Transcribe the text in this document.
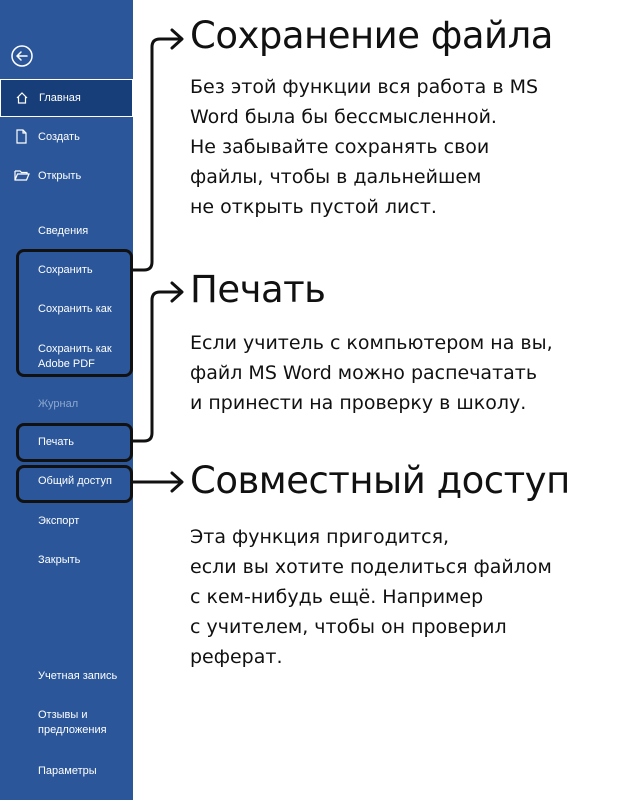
Главная
Создать
Открыть
Сведения
Сохранить
Сохранить как
Сохранить как
Adobe PDF
Журнал
Печать
Общий доступ
Экспорт
Закрыть
Учетная запись
Отзывы и
предложения
Параметры
Сохранение файла
Без этой функции вся работа в MS
Word была бы бессмысленной.
Не забывайте сохранять свои
файлы, чтобы в дальнейшем
не открыть пустой лист.
Печать
Если учитель с компьютером на вы,
файл MS Word можно распечатать
и принести на проверку в школу.
Совместный доступ
Эта функция пригодится,
если вы хотите поделиться файлом
с кем-нибудь ещё. Например
с учителем, чтобы он проверил
реферат.
